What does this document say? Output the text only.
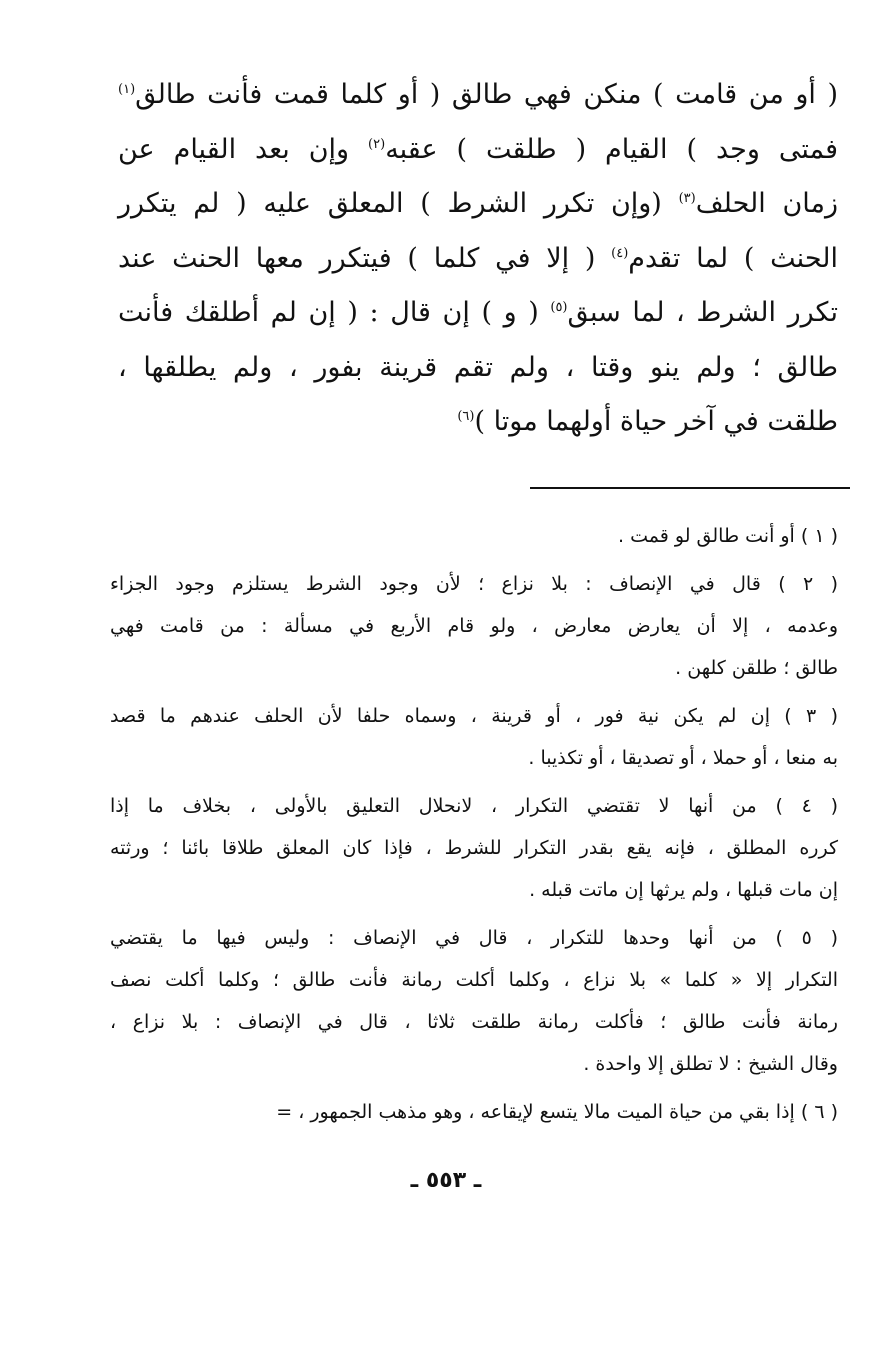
( أو من قامت ) منكن فهي طالق ( أو كلما قمت فأنت طالق$^{(١)}$
فمتى وجد ) القيام ( طلقت ) عقبه$^{(٢)}$ وإن بعد القيام عن
زمان الحلف$^{(٣)}$ (وإن تكرر الشرط ) المعلق عليه ( لم يتكرر
الحنث ) لما تقدم$^{(٤)}$ ( إلا في كلما ) فيتكرر معها الحنث عند
تكرر الشرط ، لما سبق$^{(٥)}$ ( و ) إن قال : ( إن لم أطلقك فأنت
طالق ؛ ولم ينو وقتا ، ولم تقم قرينة بفور ، ولم يطلقها ،
طلقت في آخر حياة أولهما موتا )$^{(٦)}$
( ١ ) أو أنت طالق لو قمت .
( ٢ ) قال في الإنصاف : بلا نزاع ؛ لأن وجود الشرط يستلزم وجود الجزاء
وعدمه ، إلا أن يعارض معارض ، ولو قام الأربع في مسألة : من قامت فهي
طالق ؛ طلقن كلهن .
( ٣ ) إن لم يكن نية فور ، أو قرينة ، وسماه حلفا لأن الحلف عندهم ما قصد
به منعا ، أو حملا ، أو تصديقا ، أو تكذيبا .
( ٤ ) من أنها لا تقتضي التكرار ، لانحلال التعليق بالأولى ، بخلاف ما إذا
كرره المطلق ، فإنه يقع بقدر التكرار للشرط ، فإذا كان المعلق طلاقا بائنا ؛ ورثته
إن مات قبلها ، ولم يرثها إن ماتت قبله .
( ٥ ) من أنها وحدها للتكرار ، قال في الإنصاف : وليس فيها ما يقتضي
التكرار إلا « كلما » بلا نزاع ، وكلما أكلت رمانة فأنت طالق ؛ وكلما أكلت نصف
رمانة فأنت طالق ؛ فأكلت رمانة طلقت ثلاثا ، قال في الإنصاف : بلا نزاع ،
وقال الشيخ : لا تطلق إلا واحدة .
( ٦ ) إذا بقي من حياة الميت مالا يتسع لإيقاعه ، وهو مذهب الجمهور ، =
ـ ٥٥٣ ـ
